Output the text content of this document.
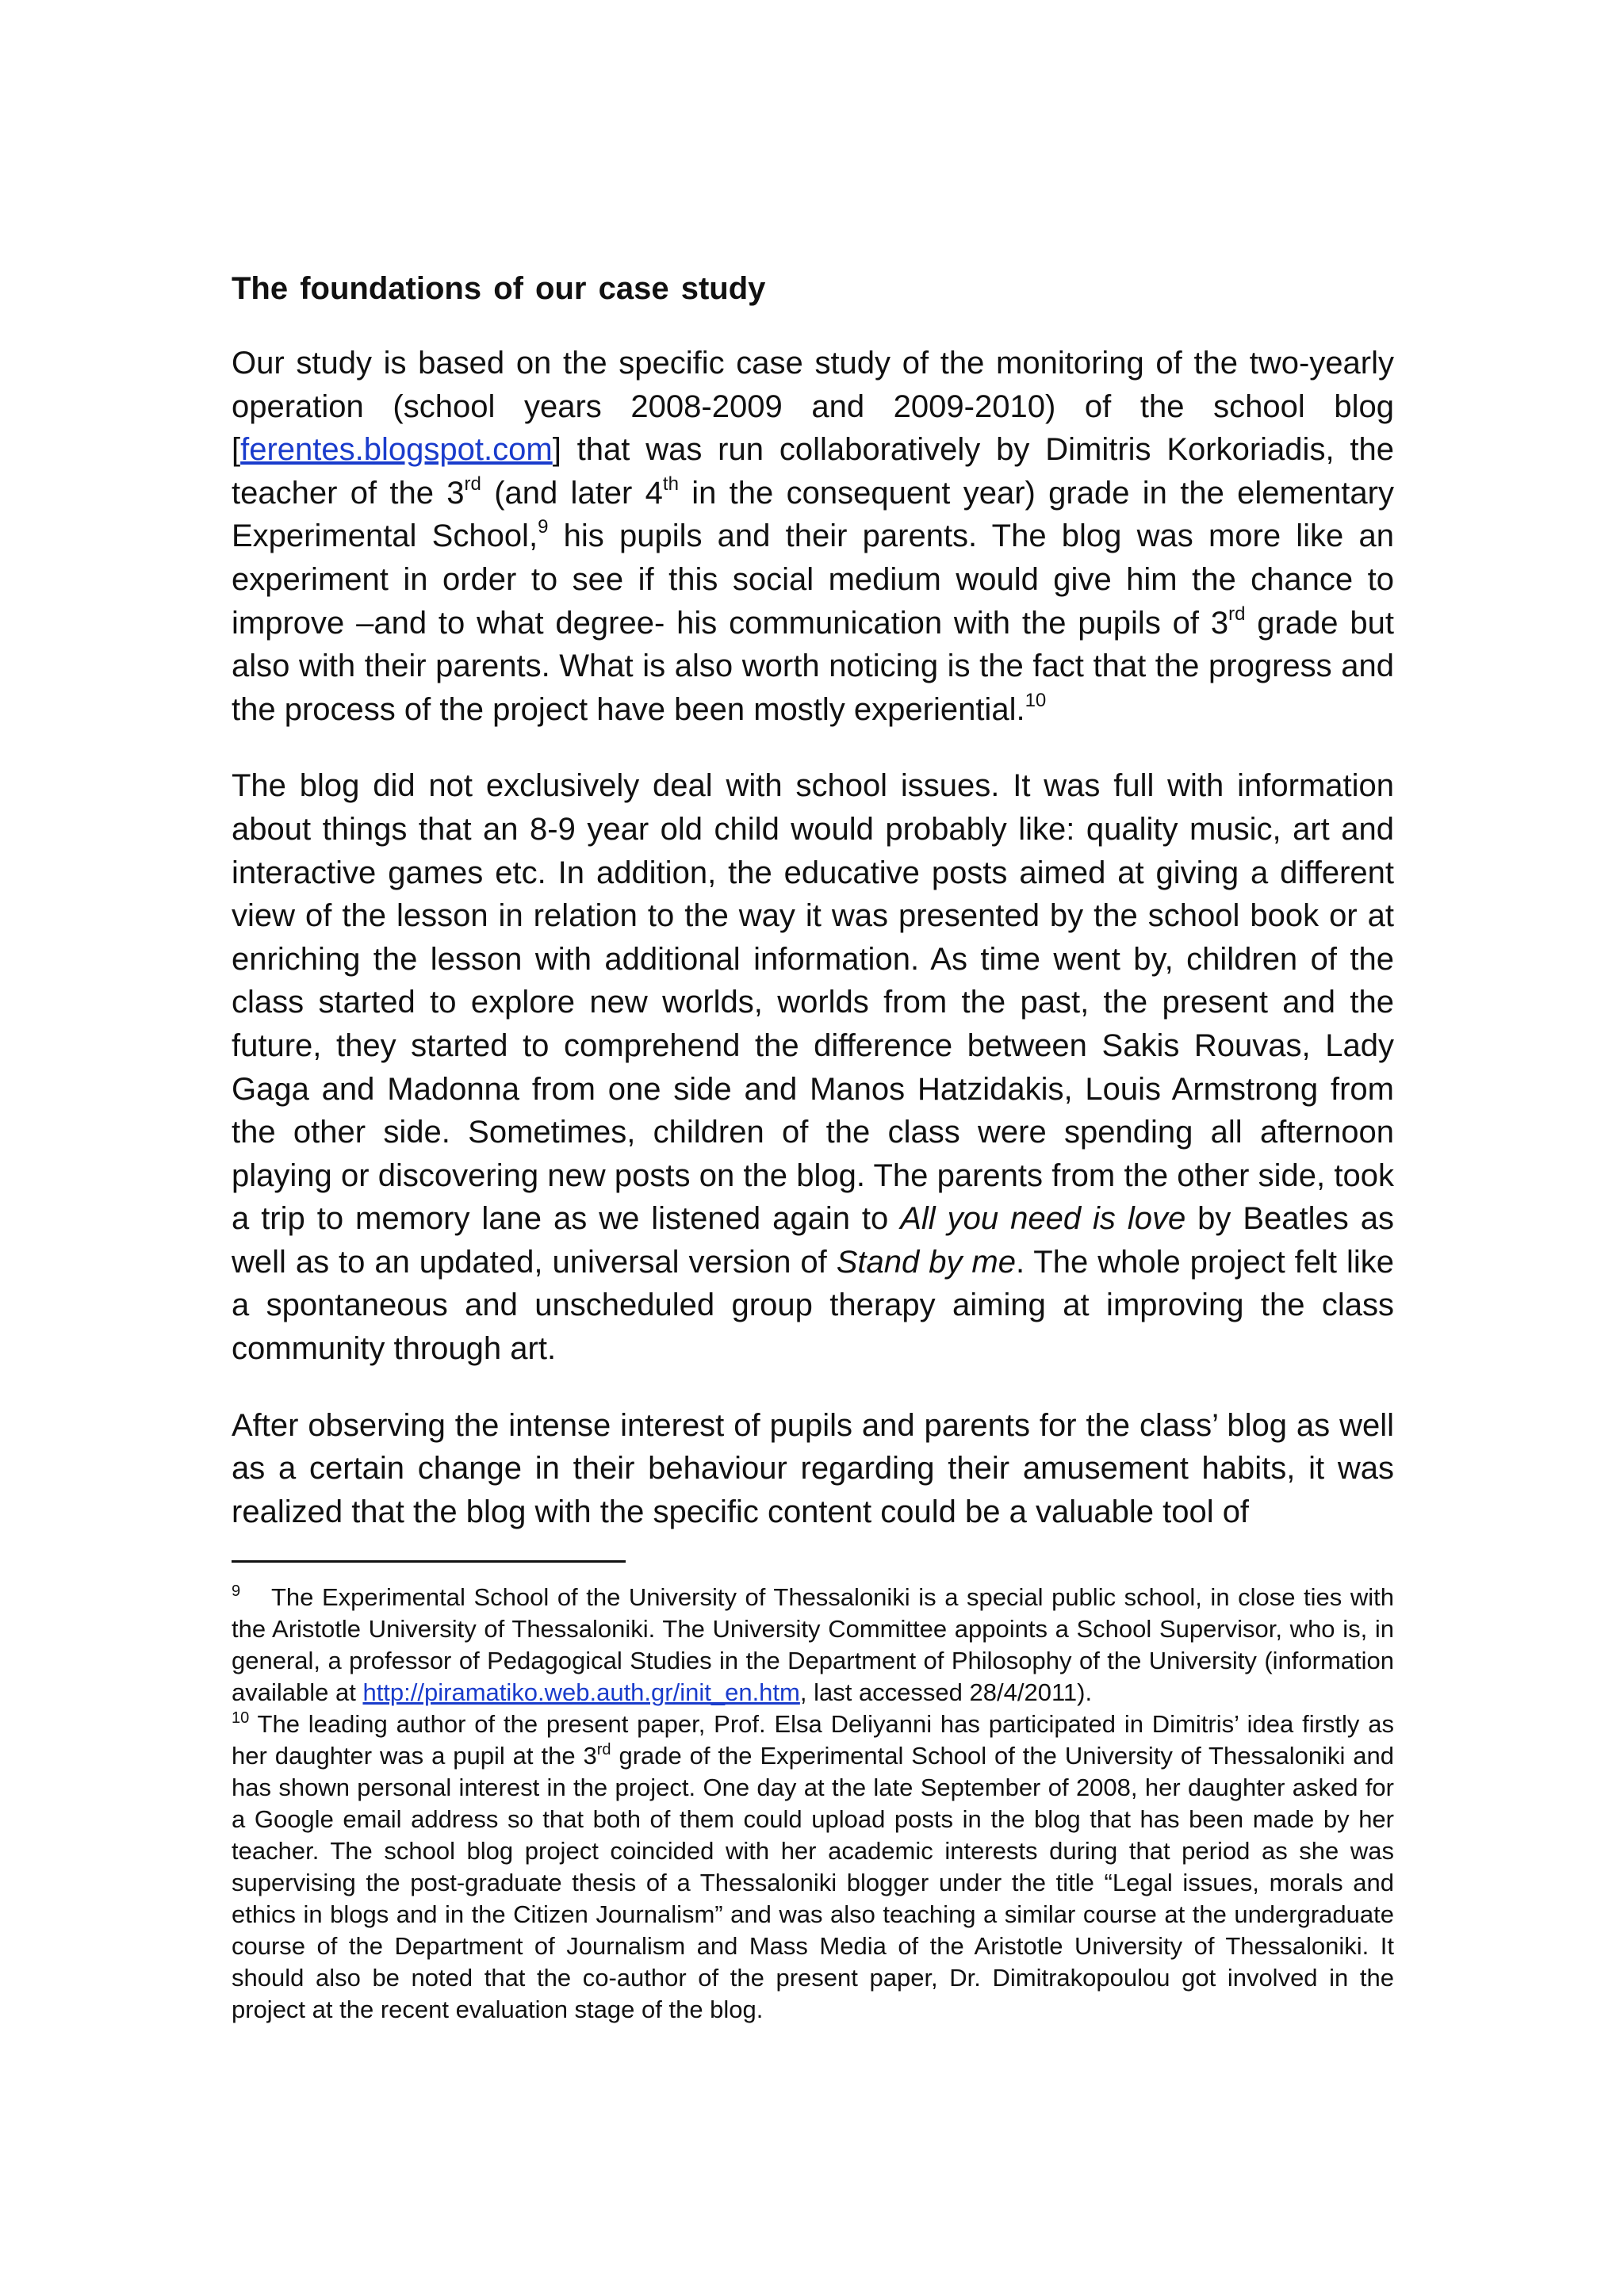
The foundations of our case study

Our study is based on the specific case study of the monitoring of the two-yearly operation (school years 2008-2009 and 2009-2010) of the school blog [ferentes.blogspot.com] that was run collaboratively by Dimitris Korkoriadis, the teacher of the 3rd (and later 4th in the consequent year) grade in the elementary Experimental School,$^9$ his pupils and their parents. The blog was more like an experiment in order to see if this social medium would give him the chance to improve –and to what degree- his communication with the pupils of 3rd grade but also with their parents. What is also worth noticing is the fact that the progress and the process of the project have been mostly experiential.$^{10}$

The blog did not exclusively deal with school issues. It was full with information about things that an 8-9 year old child would probably like: quality music, art and interactive games etc. In addition, the educative posts aimed at giving a different view of the lesson in relation to the way it was presented by the school book or at enriching the lesson with additional information. As time went by, children of the class started to explore new worlds, worlds from the past, the present and the future, they started to comprehend the difference between Sakis Rouvas, Lady Gaga and Madonna from one side and Manos Hatzidakis, Louis Armstrong from the other side. Sometimes, children of the class were spending all afternoon playing or discovering new posts on the blog. The parents from the other side, took a trip to memory lane as we listened again to All you need is love by Beatles as well as to an updated, universal version of Stand by me. The whole project felt like a spontaneous and unscheduled group therapy aiming at improving the class community through art.

After observing the intense interest of pupils and parents for the class’ blog as well as a certain change in their behaviour regarding their amusement habits, it was realized that the blog with the specific content could be a valuable tool of

$^9$ The Experimental School of the University of Thessaloniki is a special public school, in close ties with the Aristotle University of Thessaloniki. The University Committee appoints a School Supervisor, who is, in general, a professor of Pedagogical Studies in the Department of Philosophy of the University (information available at http://piramatiko.web.auth.gr/init_en.htm, last accessed 28/4/2011).

$^{10}$ The leading author of the present paper, Prof. Elsa Deliyanni has participated in Dimitris’ idea firstly as her daughter was a pupil at the 3rd grade of the Experimental School of the University of Thessaloniki and has shown personal interest in the project. One day at the late September of 2008, her daughter asked for a Google email address so that both of them could upload posts in the blog that has been made by her teacher. The school blog project coincided with her academic interests during that period as she was supervising the post-graduate thesis of a Thessaloniki blogger under the title “Legal issues, morals and ethics in blogs and in the Citizen Journalism” and was also teaching a similar course at the undergraduate course of the Department of Journalism and Mass Media of the Aristotle University of Thessaloniki. It should also be noted that the co-author of the present paper, Dr. Dimitrakopoulou got involved in the project at the recent evaluation stage of the blog.
